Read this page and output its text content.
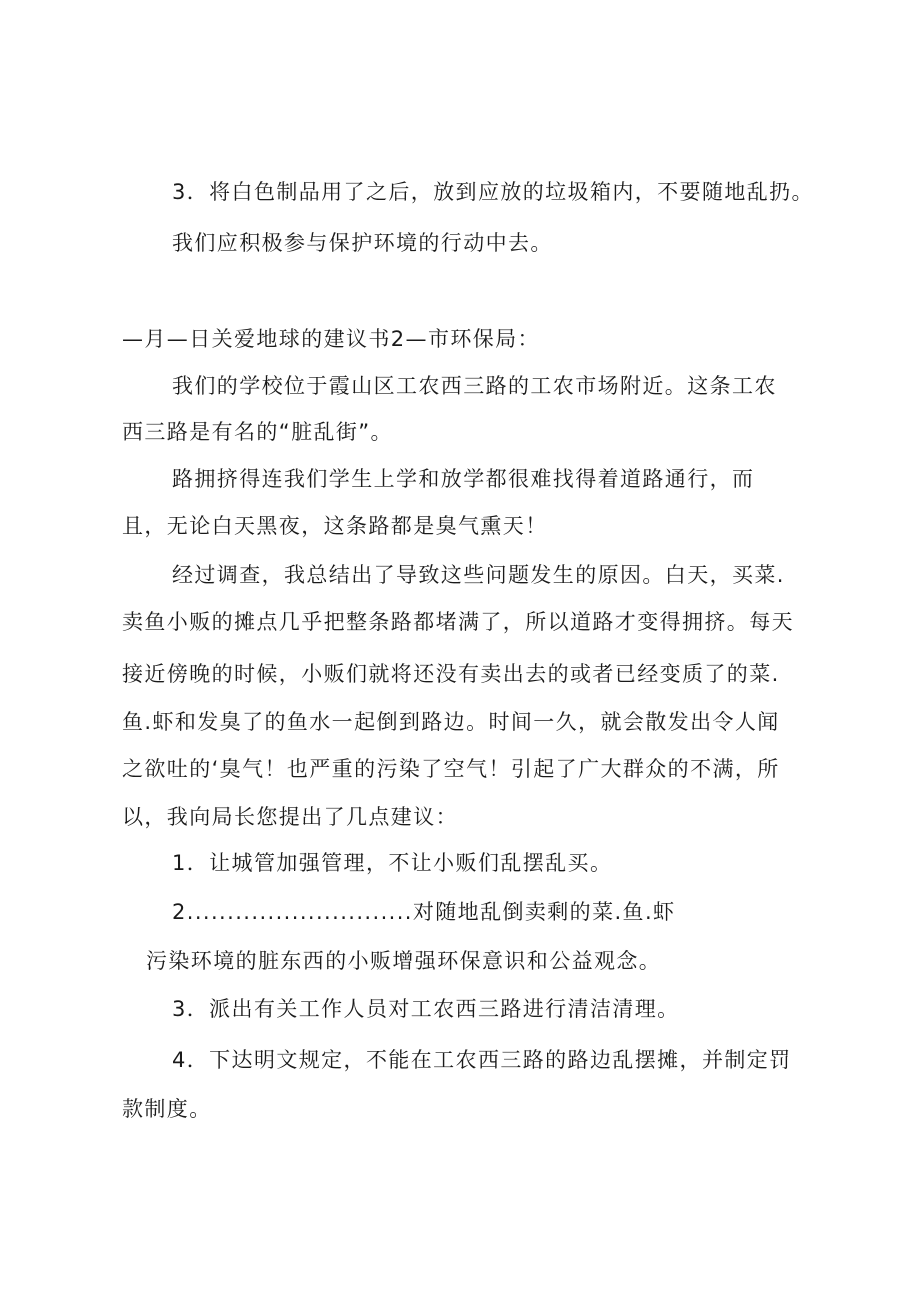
3．将白色制品用了之后，放到应放的垃圾箱内，不要随地乱扔。
我们应积极参与保护环境的行动中去。
—月—日关爱地球的建议书2—市环保局：
我们的学校位于霞山区工农西三路的工农市场附近。这条工农
西三路是有名的“脏乱街”。
路拥挤得连我们学生上学和放学都很难找得着道路通行，而
且，无论白天黑夜，这条路都是臭气熏天！
经过调查，我总结出了导致这些问题发生的原因。白天，买菜.
卖鱼小贩的摊点几乎把整条路都堵满了，所以道路才变得拥挤。每天
接近傍晚的时候，小贩们就将还没有卖出去的或者已经变质了的菜.
鱼.虾和发臭了的鱼水一起倒到路边。时间一久，就会散发出令人闻
之欲吐的‘臭气！也严重的污染了空气！引起了广大群众的不满，所
以，我向局长您提出了几点建议：
1．让城管加强管理，不让小贩们乱摆乱买。
2............................对随地乱倒卖剩的菜.鱼.虾
污染环境的脏东西的小贩增强环保意识和公益观念。
3．派出有关工作人员对工农西三路进行清洁清理。
4．下达明文规定，不能在工农西三路的路边乱摆摊，并制定罚
款制度。
